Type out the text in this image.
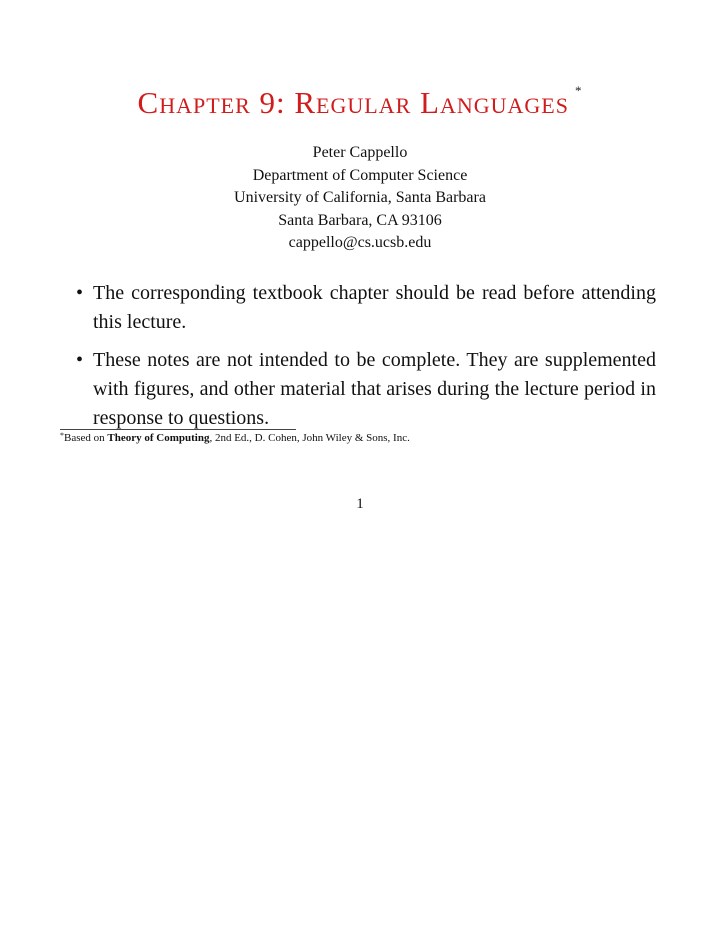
Chapter 9: Regular Languages *
Peter Cappello
Department of Computer Science
University of California, Santa Barbara
Santa Barbara, CA 93106
cappello@cs.ucsb.edu
• The corresponding textbook chapter should be read before attending this lecture.
• These notes are not intended to be complete. They are supplemented with figures, and other material that arises during the lecture period in response to questions.
*Based on Theory of Computing, 2nd Ed., D. Cohen, John Wiley & Sons, Inc.
1
